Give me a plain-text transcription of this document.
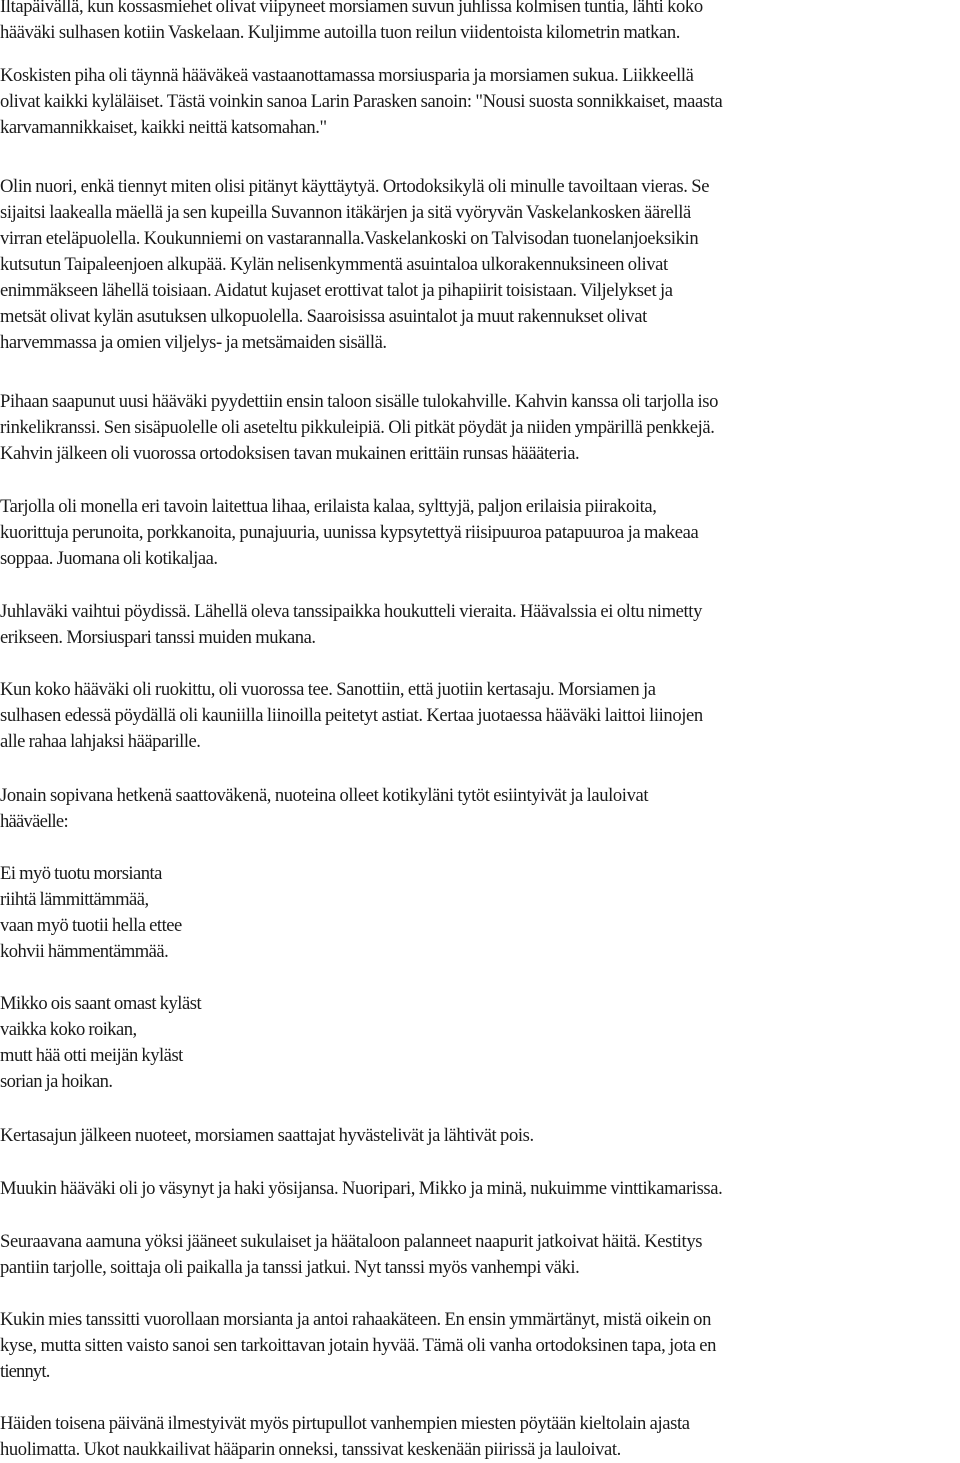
Iltapäivällä, kun kossasmiehet olivat viipyneet morsiamen suvun juhlissa kolmisen tuntia, lähti koko
hääväki sulhasen kotiin Vaskelaan. Kuljimme autoilla tuon reilun viidentoista kilometrin matkan.
Koskisten piha oli täynnä hääväkeä vastaanottamassa morsiusparia ja morsiamen sukua. Liikkeellä
olivat kaikki kyläläiset. Tästä voinkin sanoa Larin Parasken sanoin: "Nousi suosta sonnikkaiset, maasta
karvamannikkaiset, kaikki neittä katsomahan."
Olin nuori, enkä tiennyt miten olisi pitänyt käyttäytyä. Ortodoksikylä oli minulle tavoiltaan vieras. Se
sijaitsi laakealla mäellä ja sen kupeilla Suvannon itäkärjen ja sitä vyöryvän Vaskelankosken äärellä
virran eteläpuolella. Koukunniemi on vastarannalla.Vaskelankoski on Talvisodan tuonelanjoeksikin
kutsutun Taipaleenjoen alkupää. Kylän nelisenkymmentä asuintaloa ulkorakennuksineen olivat
enimmäkseen lähellä toisiaan. Aidatut kujaset erottivat talot ja pihapiirit toisistaan. Viljelykset ja
metsät olivat kylän asutuksen ulkopuolella. Saaroisissa asuintalot ja muut rakennukset olivat
harvemmassa ja omien viljelys- ja metsämaiden sisällä.
Pihaan saapunut uusi hääväki pyydettiin ensin taloon sisälle tulokahville. Kahvin kanssa oli tarjolla iso
rinkelikranssi. Sen sisäpuolelle oli aseteltu pikkuleipiä. Oli pitkät pöydät ja niiden ympärillä penkkejä.
Kahvin jälkeen oli vuorossa ortodoksisen tavan mukainen erittäin runsas häääteria.
Tarjolla oli monella eri tavoin laitettua lihaa, erilaista kalaa, sylttyjä, paljon erilaisia piirakoita,
kuorittuja perunoita, porkkanoita, punajuuria, uunissa kypsytettyä riisipuuroa patapuuroa ja makeaa
soppaa. Juomana oli kotikaljaa.
Juhlaväki vaihtui pöydissä. Lähellä oleva tanssipaikka houkutteli vieraita. Häävalssia ei oltu nimetty
erikseen. Morsiuspari tanssi muiden mukana.
Kun koko hääväki oli ruokittu, oli vuorossa tee. Sanottiin, että juotiin kertasaju. Morsiamen ja
sulhasen edessä pöydällä oli kauniilla liinoilla peitetyt astiat. Kertaa juotaessa hääväki laittoi liinojen
alle rahaa lahjaksi hääparille.
Jonain sopivana hetkenä saattoväkenä, nuoteina olleet kotikyläni tytöt esiintyivät ja lauloivat
hääväelle:
Ei myö tuotu morsianta
riihtä lämmittämmää,
vaan myö tuotii hella ettee
kohvii hämmentämmää.
Mikko ois saant omast kyläst
vaikka koko roikan,
mutt hää otti meijän kyläst
sorian ja hoikan.
Kertasajun jälkeen nuoteet, morsiamen saattajat hyvästelivät ja lähtivät pois.
Muukin hääväki oli jo väsynyt ja haki yösijansa. Nuoripari, Mikko ja minä, nukuimme vinttikamarissa.
Seuraavana aamuna yöksi jääneet sukulaiset ja häätaloon palanneet naapurit jatkoivat häitä. Kestitys
pantiin tarjolle, soittaja oli paikalla ja tanssi jatkui. Nyt tanssi myös vanhempi väki.
Kukin mies tanssitti vuorollaan morsianta ja antoi rahaakäteen. En ensin ymmärtänyt, mistä oikein on
kyse, mutta sitten vaisto sanoi sen tarkoittavan jotain hyvää. Tämä oli vanha ortodoksinen tapa, jota en
tiennyt.
Häiden toisena päivänä ilmestyivät myös pirtupullot vanhempien miesten pöytään kieltolain ajasta
huolimatta. Ukot naukkailivat hääparin onneksi, tanssivat keskenään piirissä ja lauloivat.
